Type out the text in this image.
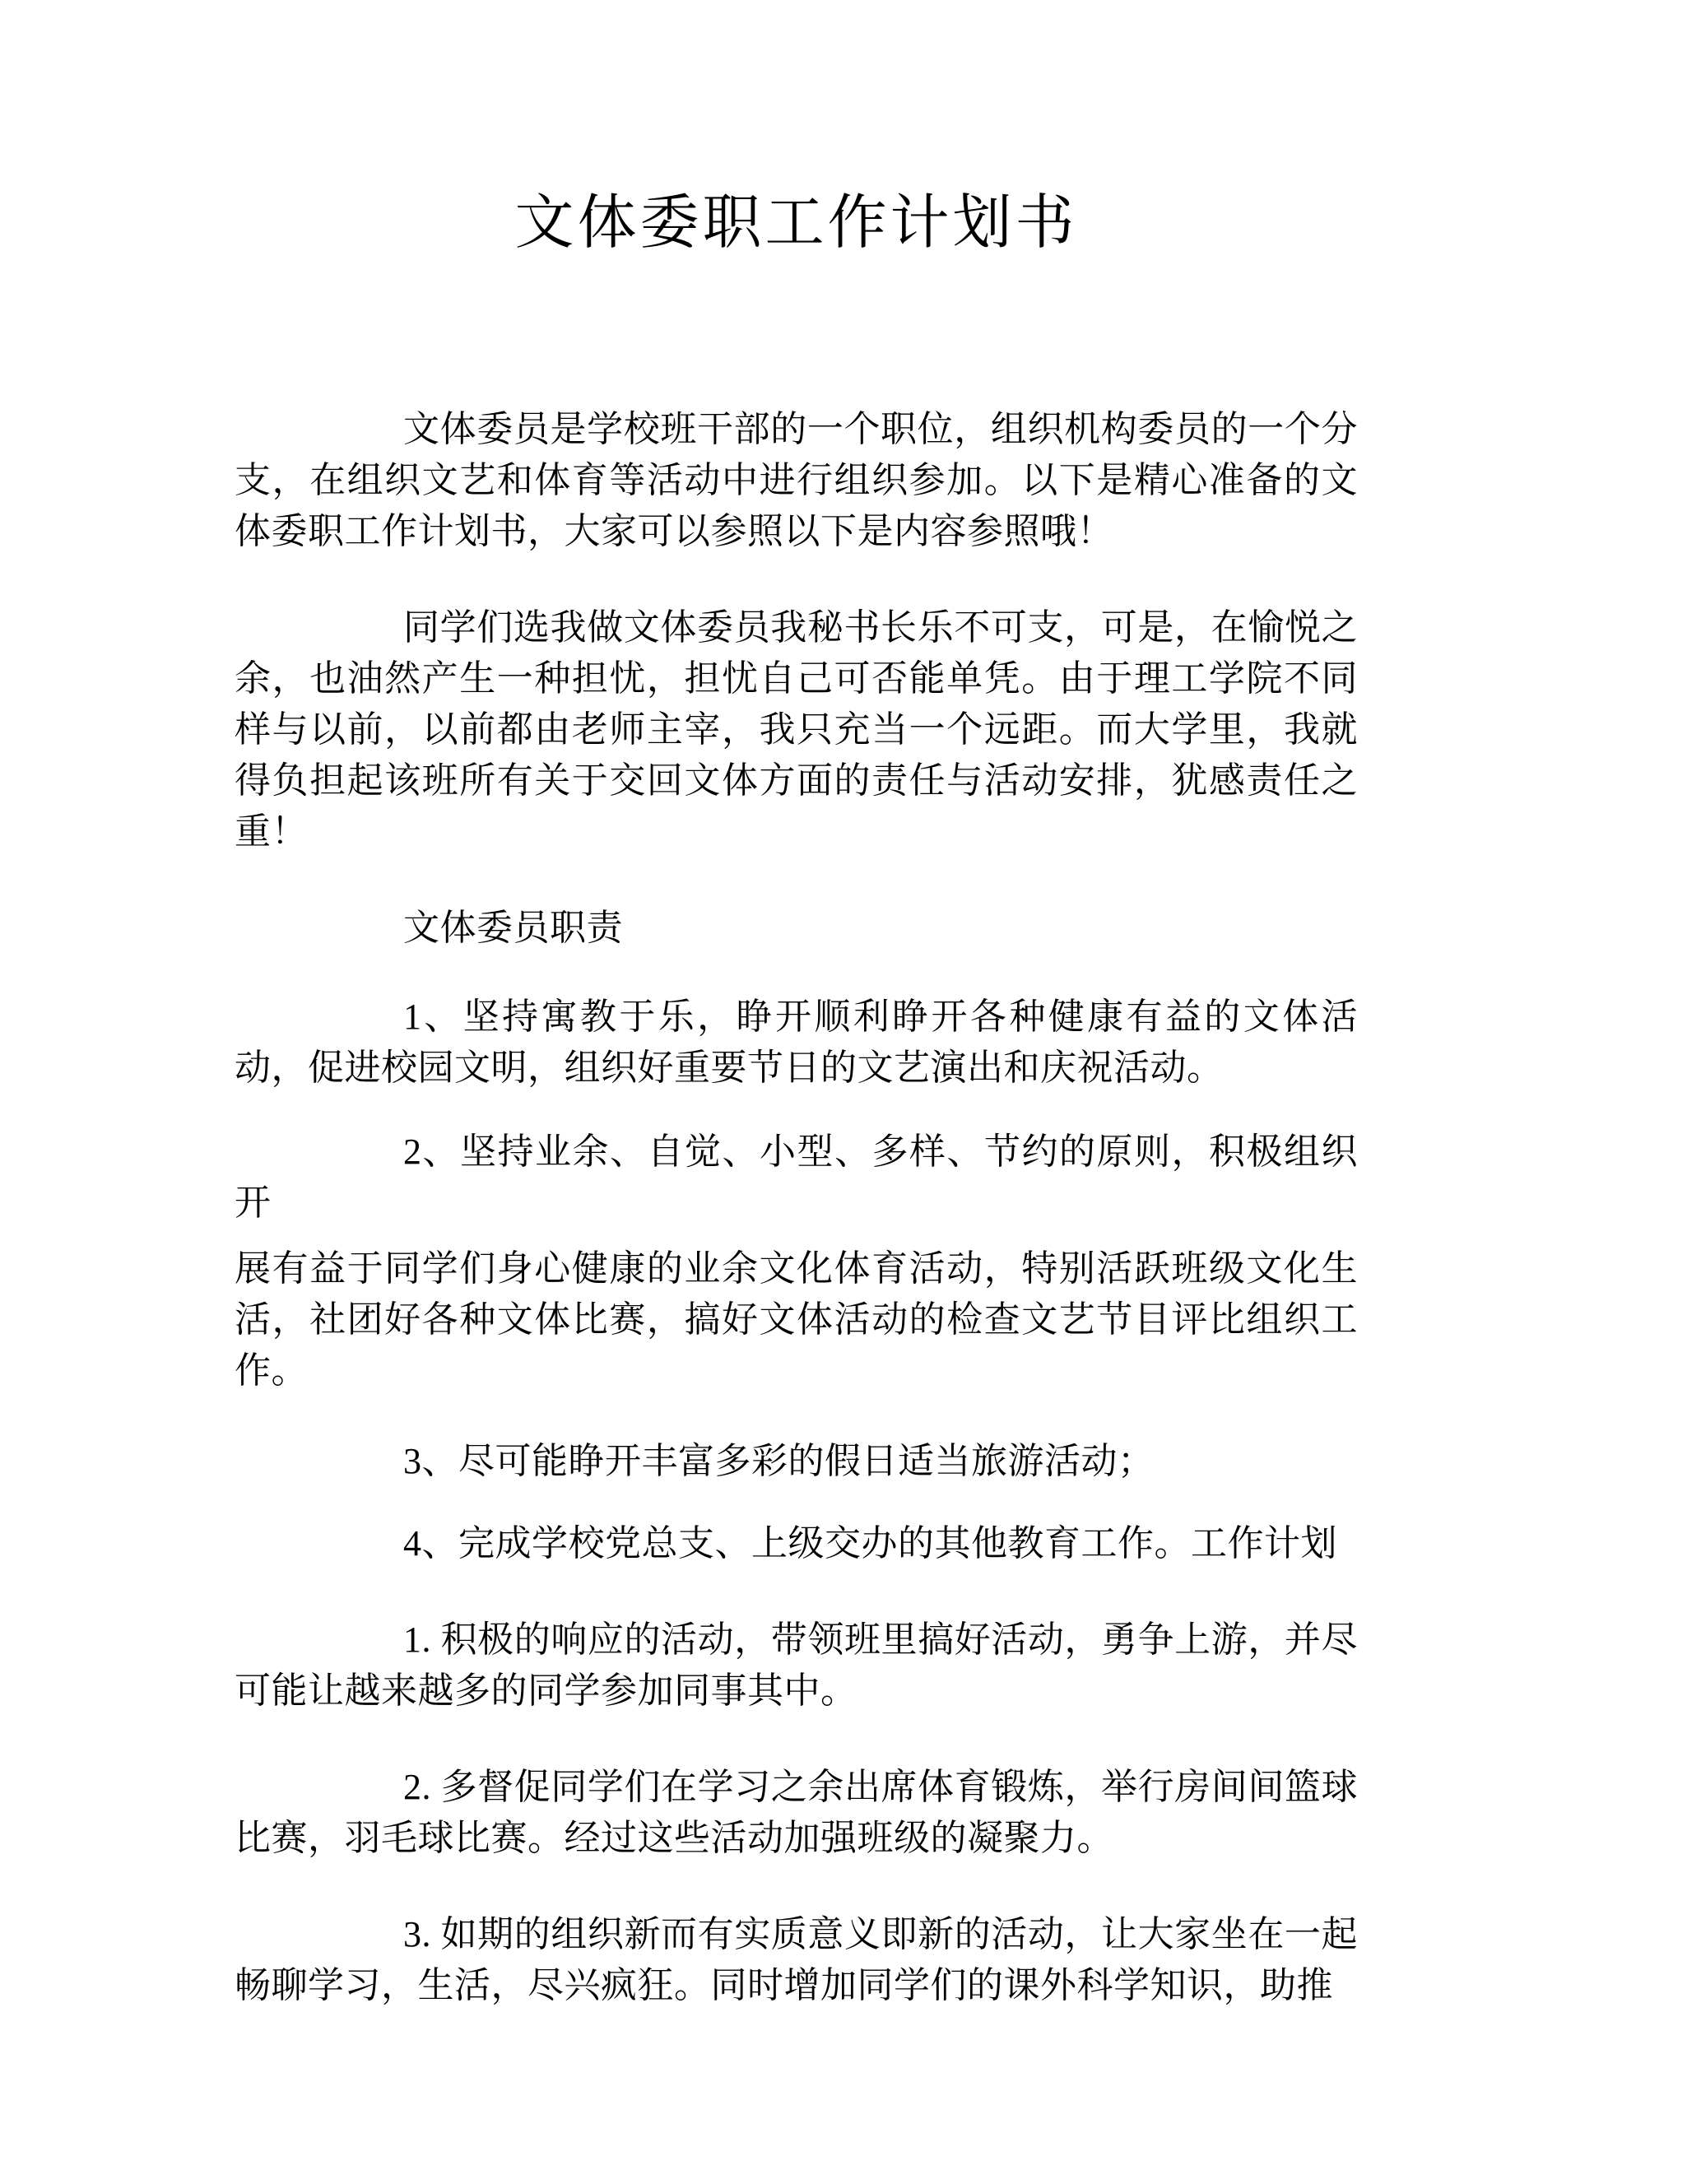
文体委职工作计划书

文体委员是学校班干部的一个职位，组织机构委员的一个分支，在组织文艺和体育等活动中进行组织参加。以下是精心准备的文体委职工作计划书，大家可以参照以下是内容参照哦！

同学们选我做文体委员我秘书长乐不可支，可是，在愉悦之余，也油然产生一种担忧，担忧自己可否能单凭。由于理工学院不同样与以前，以前都由老师主宰，我只充当一个远距。而大学里，我就得负担起该班所有关于交回文体方面的责任与活动安排，犹感责任之重！

文体委员职责

1、坚持寓教于乐，睁开顺利睁开各种健康有益的文体活动，促进校园文明，组织好重要节日的文艺演出和庆祝活动。

2、坚持业余、自觉、小型、多样、节约的原则，积极组织开

展有益于同学们身心健康的业余文化体育活动，特别活跃班级文化生活，社团好各种文体比赛，搞好文体活动的检查文艺节目评比组织工作。

3、尽可能睁开丰富多彩的假日适当旅游活动；

4、完成学校党总支、上级交办的其他教育工作。工作计划

1. 积极的响应的活动，带领班里搞好活动，勇争上游，并尽可能让越来越多的同学参加同事其中。

2. 多督促同学们在学习之余出席体育锻炼，举行房间间篮球比赛，羽毛球比赛。经过这些活动加强班级的凝聚力。

3. 如期的组织新而有实质意义即新的活动，让大家坐在一起畅聊学习，生活，尽兴疯狂。同时增加同学们的课外科学知识，助推
